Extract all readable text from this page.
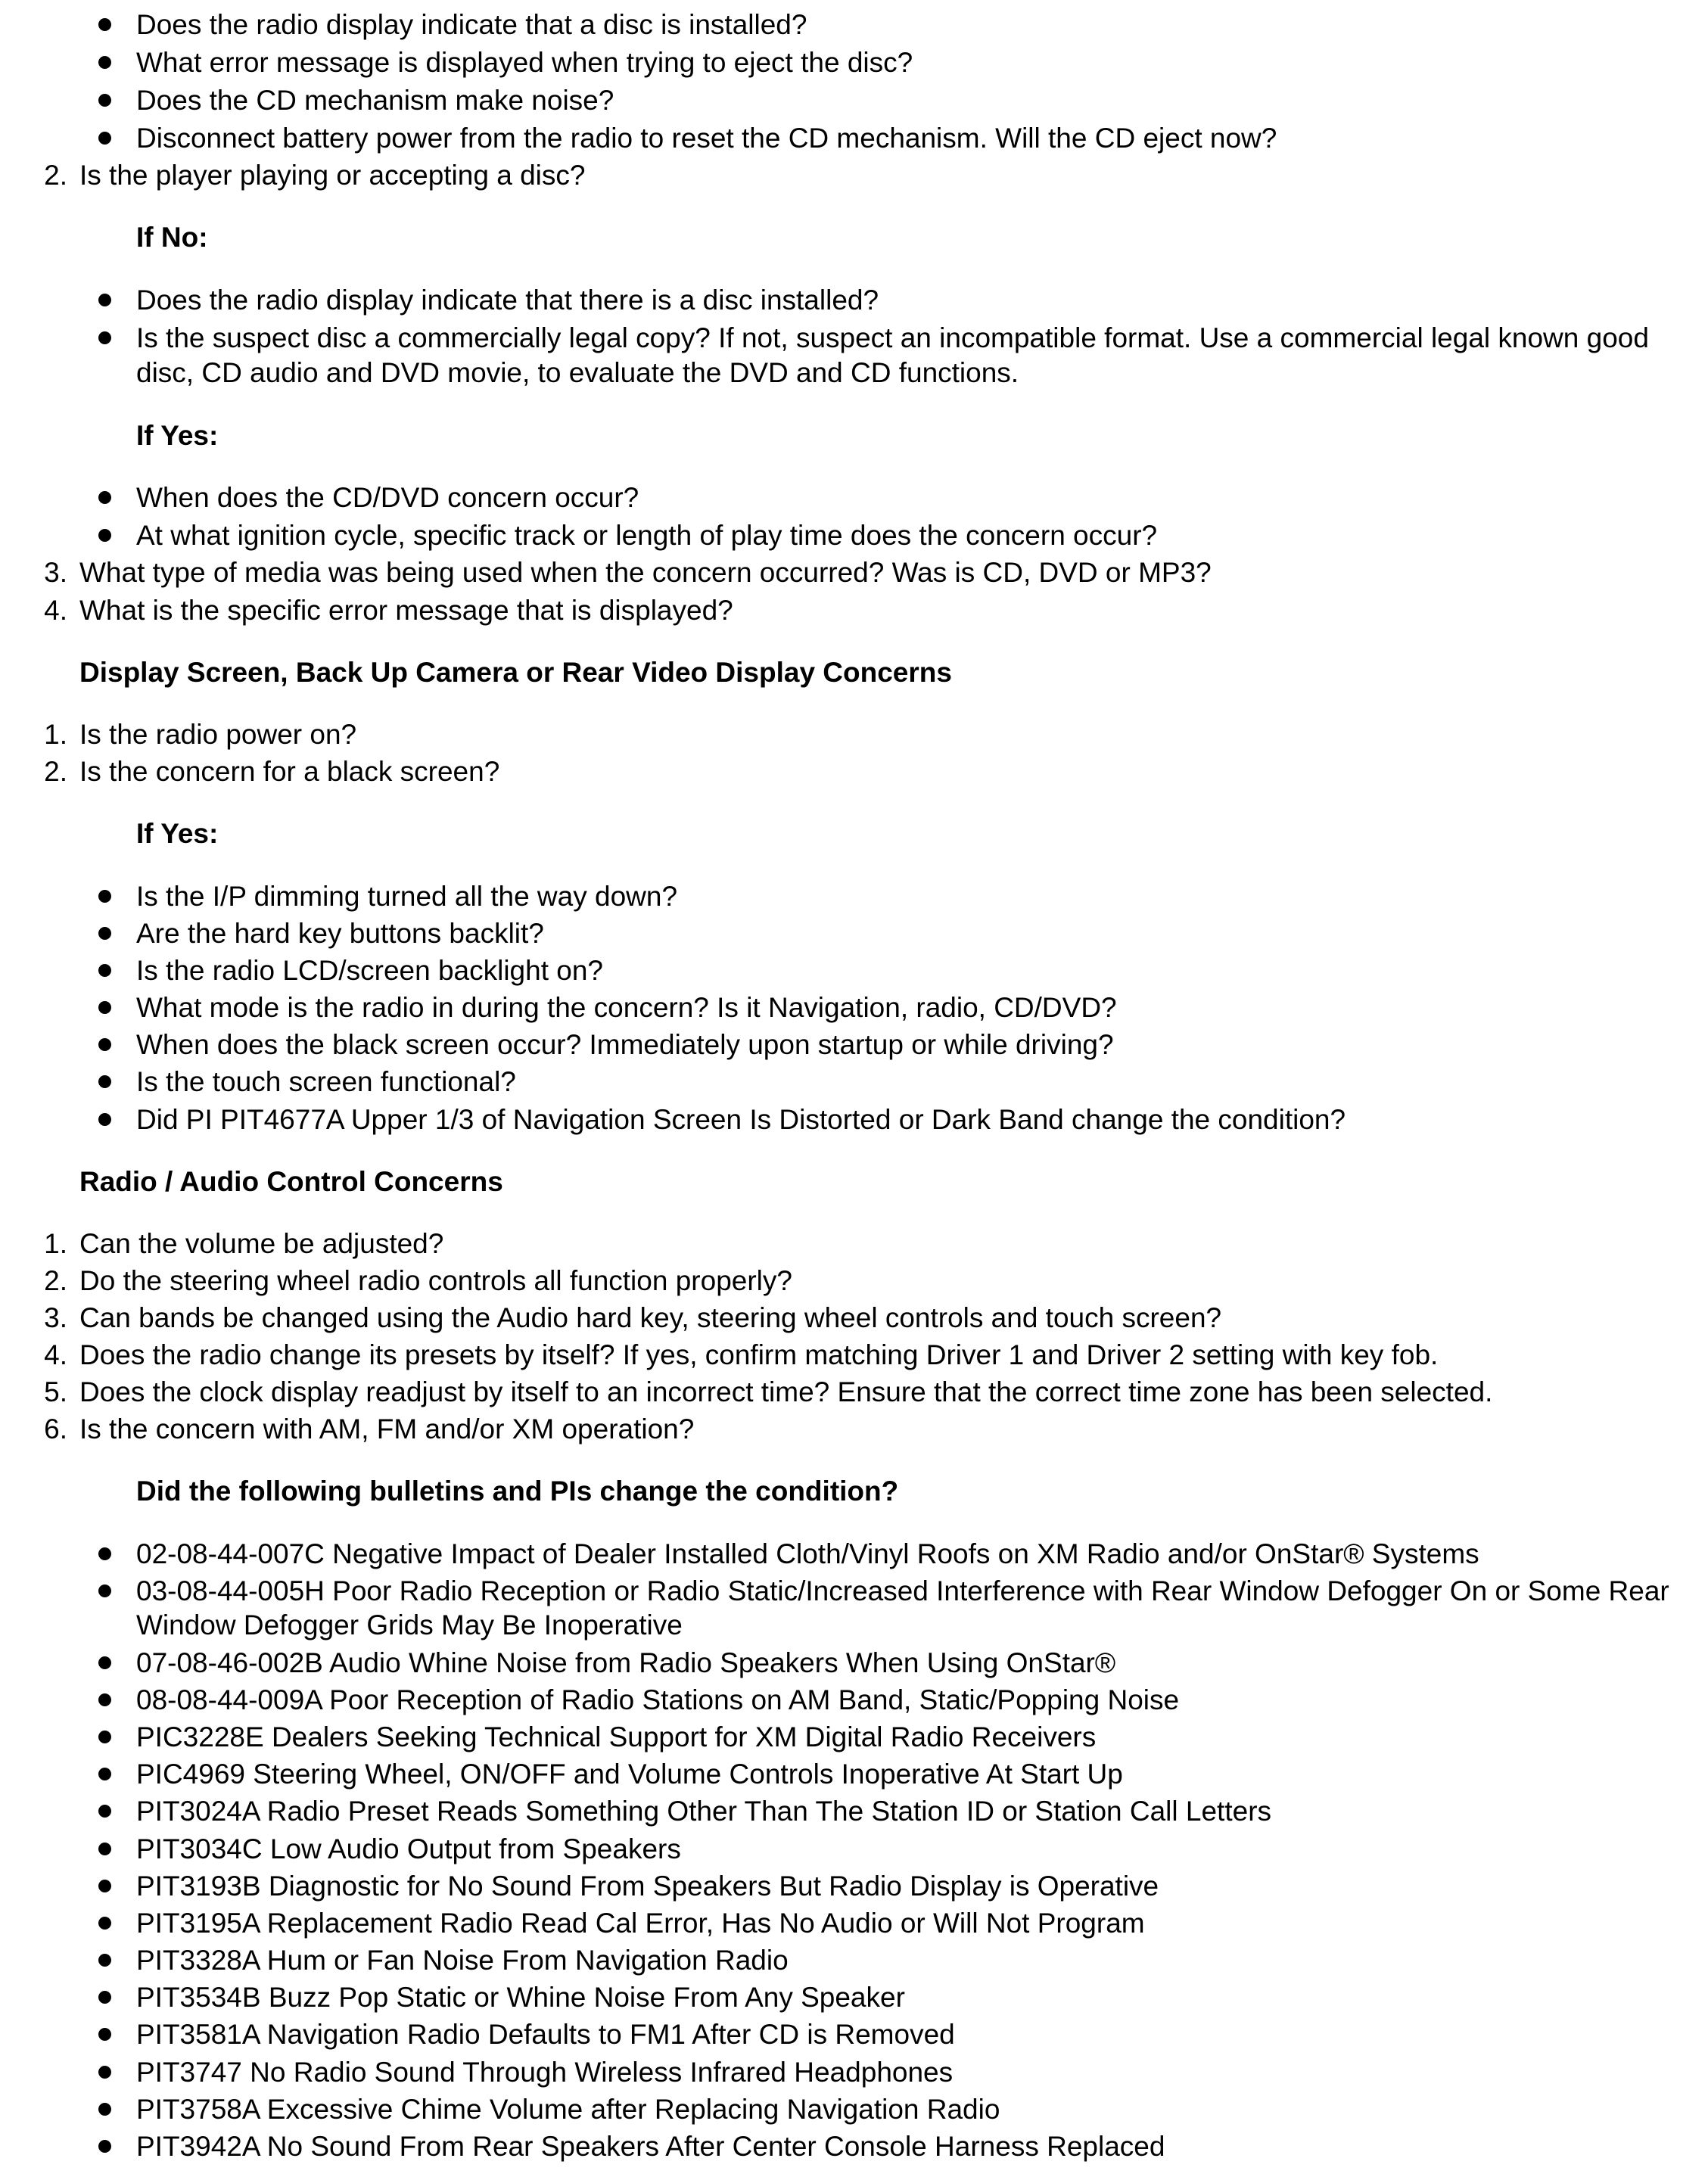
Does the radio display indicate that a disc is installed?
What error message is displayed when trying to eject the disc?
Does the CD mechanism make noise?
Disconnect battery power from the radio to reset the CD mechanism. Will the CD eject now?
2. Is the player playing or accepting a disc?
If No:
Does the radio display indicate that there is a disc installed?
Is the suspect disc a commercially legal copy? If not, suspect an incompatible format. Use a commercial legal known good
disc, CD audio and DVD movie, to evaluate the DVD and CD functions.
If Yes:
When does the CD/DVD concern occur?
At what ignition cycle, specific track or length of play time does the concern occur?
3. What type of media was being used when the concern occurred? Was is CD, DVD or MP3?
4. What is the specific error message that is displayed?
Display Screen, Back Up Camera or Rear Video Display Concerns
1. Is the radio power on?
2. Is the concern for a black screen?
If Yes:
Is the I/P dimming turned all the way down?
Are the hard key buttons backlit?
Is the radio LCD/screen backlight on?
What mode is the radio in during the concern? Is it Navigation, radio, CD/DVD?
When does the black screen occur? Immediately upon startup or while driving?
Is the touch screen functional?
Did PI PIT4677A Upper 1/3 of Navigation Screen Is Distorted or Dark Band change the condition?
Radio / Audio Control Concerns
1. Can the volume be adjusted?
2. Do the steering wheel radio controls all function properly?
3. Can bands be changed using the Audio hard key, steering wheel controls and touch screen?
4. Does the radio change its presets by itself? If yes, confirm matching Driver 1 and Driver 2 setting with key fob.
5. Does the clock display readjust by itself to an incorrect time? Ensure that the correct time zone has been selected.
6. Is the concern with AM, FM and/or XM operation?
Did the following bulletins and PIs change the condition?
02-08-44-007C Negative Impact of Dealer Installed Cloth/Vinyl Roofs on XM Radio and/or OnStar® Systems
03-08-44-005H Poor Radio Reception or Radio Static/Increased Interference with Rear Window Defogger On or Some Rear
Window Defogger Grids May Be Inoperative
07-08-46-002B Audio Whine Noise from Radio Speakers When Using OnStar®
08-08-44-009A Poor Reception of Radio Stations on AM Band, Static/Popping Noise
PIC3228E Dealers Seeking Technical Support for XM Digital Radio Receivers
PIC4969 Steering Wheel, ON/OFF and Volume Controls Inoperative At Start Up
PIT3024A Radio Preset Reads Something Other Than The Station ID or Station Call Letters
PIT3034C Low Audio Output from Speakers
PIT3193B Diagnostic for No Sound From Speakers But Radio Display is Operative
PIT3195A Replacement Radio Read Cal Error, Has No Audio or Will Not Program
PIT3328A Hum or Fan Noise From Navigation Radio
PIT3534B Buzz Pop Static or Whine Noise From Any Speaker
PIT3581A Navigation Radio Defaults to FM1 After CD is Removed
PIT3747 No Radio Sound Through Wireless Infrared Headphones
PIT3758A Excessive Chime Volume after Replacing Navigation Radio
PIT3942A No Sound From Rear Speakers After Center Console Harness Replaced
